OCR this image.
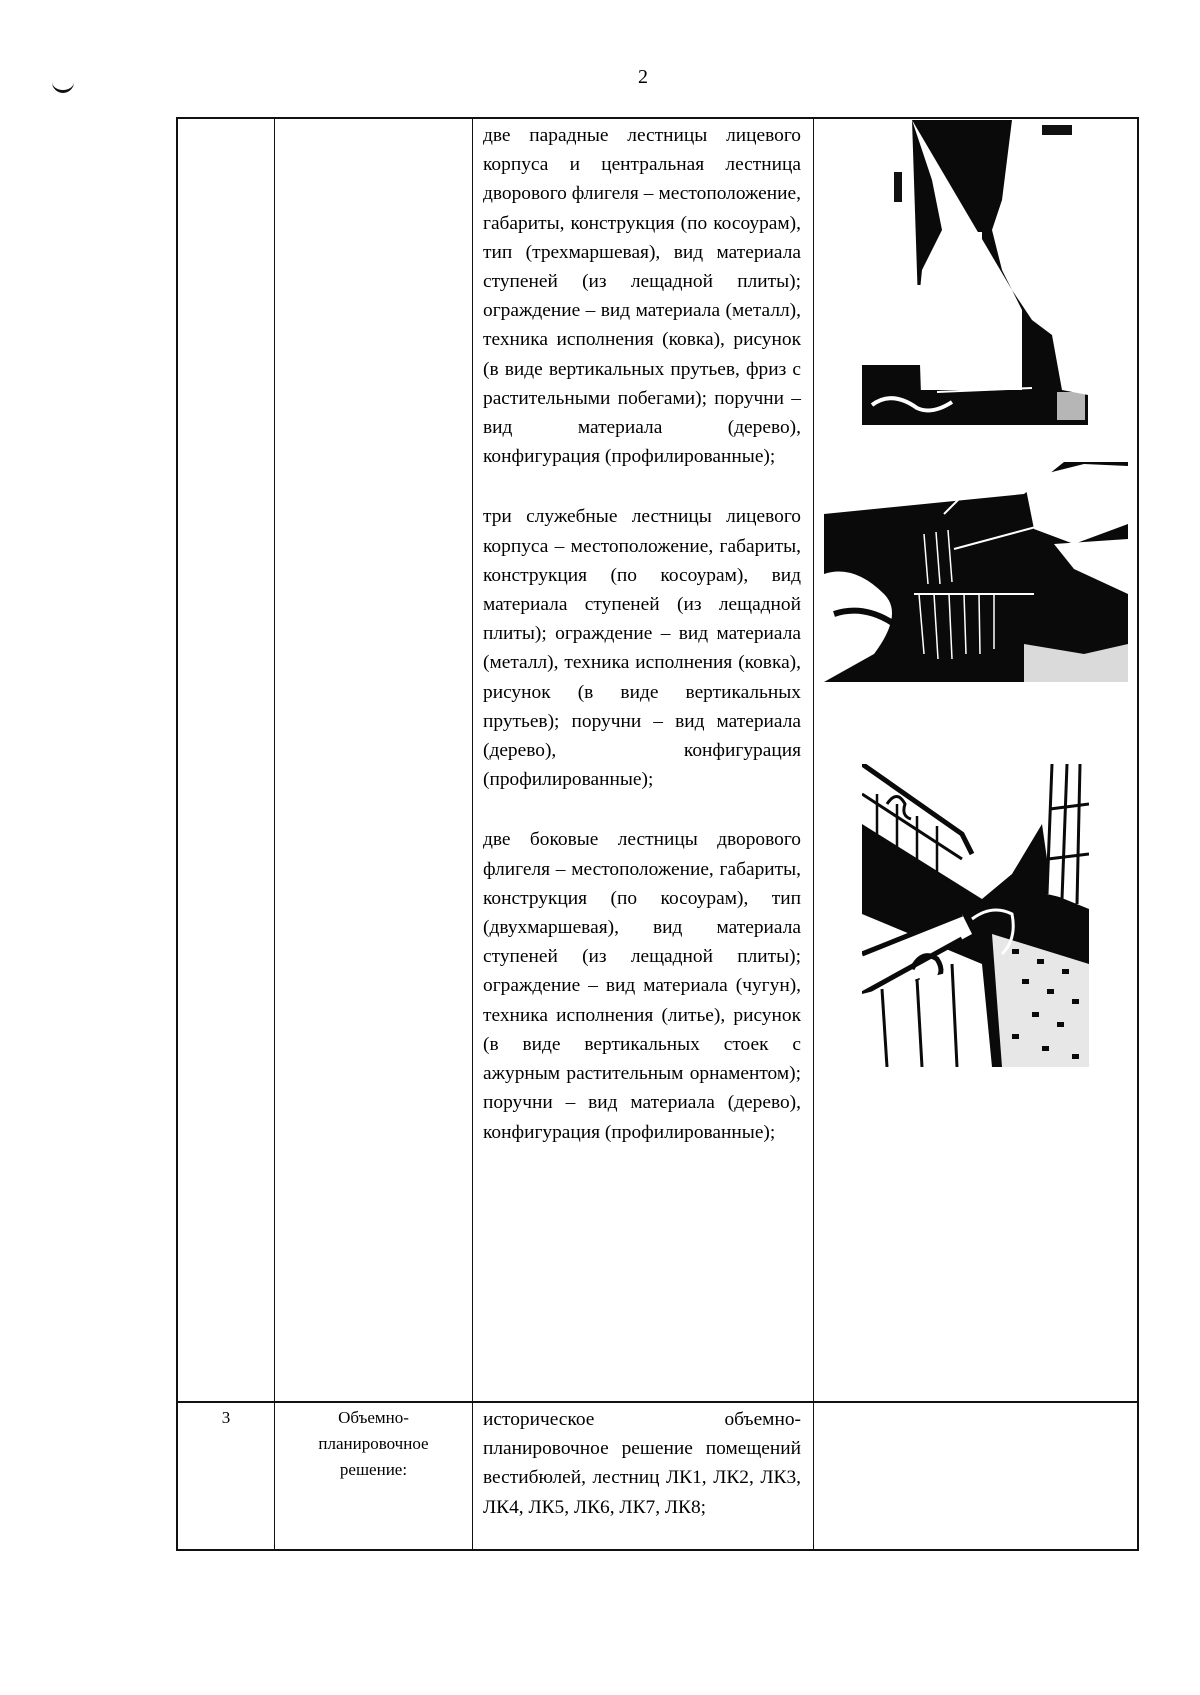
2

две парадные лестницы лицевого корпуса и центральная лестница дворового флигеля – местоположение, габариты, конструкция (по косоурам), тип (трехмаршевая), вид материала ступеней (из лещадной плиты); ограждение – вид материала (металл), техника исполнения (ковка), рисунок (в виде вертикальных прутьев, фриз с растительными побегами); поручни – вид материала (дерево), конфигурация (профилированные);

три служебные лестницы лицевого корпуса – местоположение, габариты, конструкция (по косоурам), вид материала ступеней (из лещадной плиты); ограждение – вид материала (металл), техника исполнения (ковка), рисунок (в виде вертикальных прутьев); поручни – вид материала (дерево), конфигурация (профилированные);

две боковые лестницы дворового флигеля – местоположение, габариты, конструкция (по косоурам), тип (двухмаршевая), вид материала ступеней (из лещадной плиты); ограждение – вид материала (чугун), техника исполнения (литье), рисунок (в виде вертикальных стоек с ажурным растительным орнаментом); поручни – вид материала (дерево), конфигурация (профилированные);

3	Объемно-планировочное решение:

историческое объемно-планировочное решение помещений вестибюлей, лестниц ЛК1, ЛК2, ЛК3, ЛК4, ЛК5, ЛК6, ЛК7, ЛК8;
